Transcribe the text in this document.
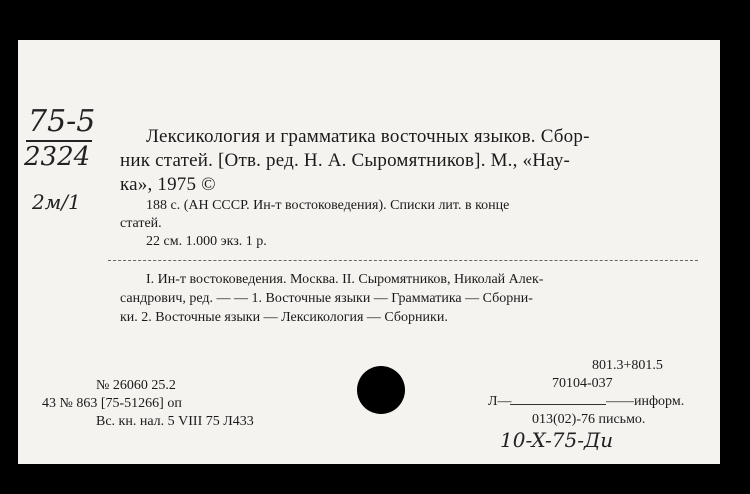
75-5
2324
2м/1
Лексикология и грамматика восточных языков. Сбор-
ник статей. [Отв. ред. Н. А. Сыромятников]. М., «Нау-
ка», 1975 ©
188 с. (АН СССР. Ин-т востоковедения). Списки лит. в конце
статей.
22 см. 1.000 экз. 1 р.
I. Ин-т востоковедения. Москва. II. Сыромятников, Николай Алек-
сандрович, ред. — — 1. Восточные языки — Грамматика — Сборни-
ки. 2. Восточные языки — Лексикология — Сборники.
№ 26060 25.2
43 № 863 [75-51266] оп
Вс. кн. нал. 5 VIII 75 Л433
801.3+801.5
70104-037
Л—	——информ.
013(02)-76 письмо.
10-X-75-Ди
